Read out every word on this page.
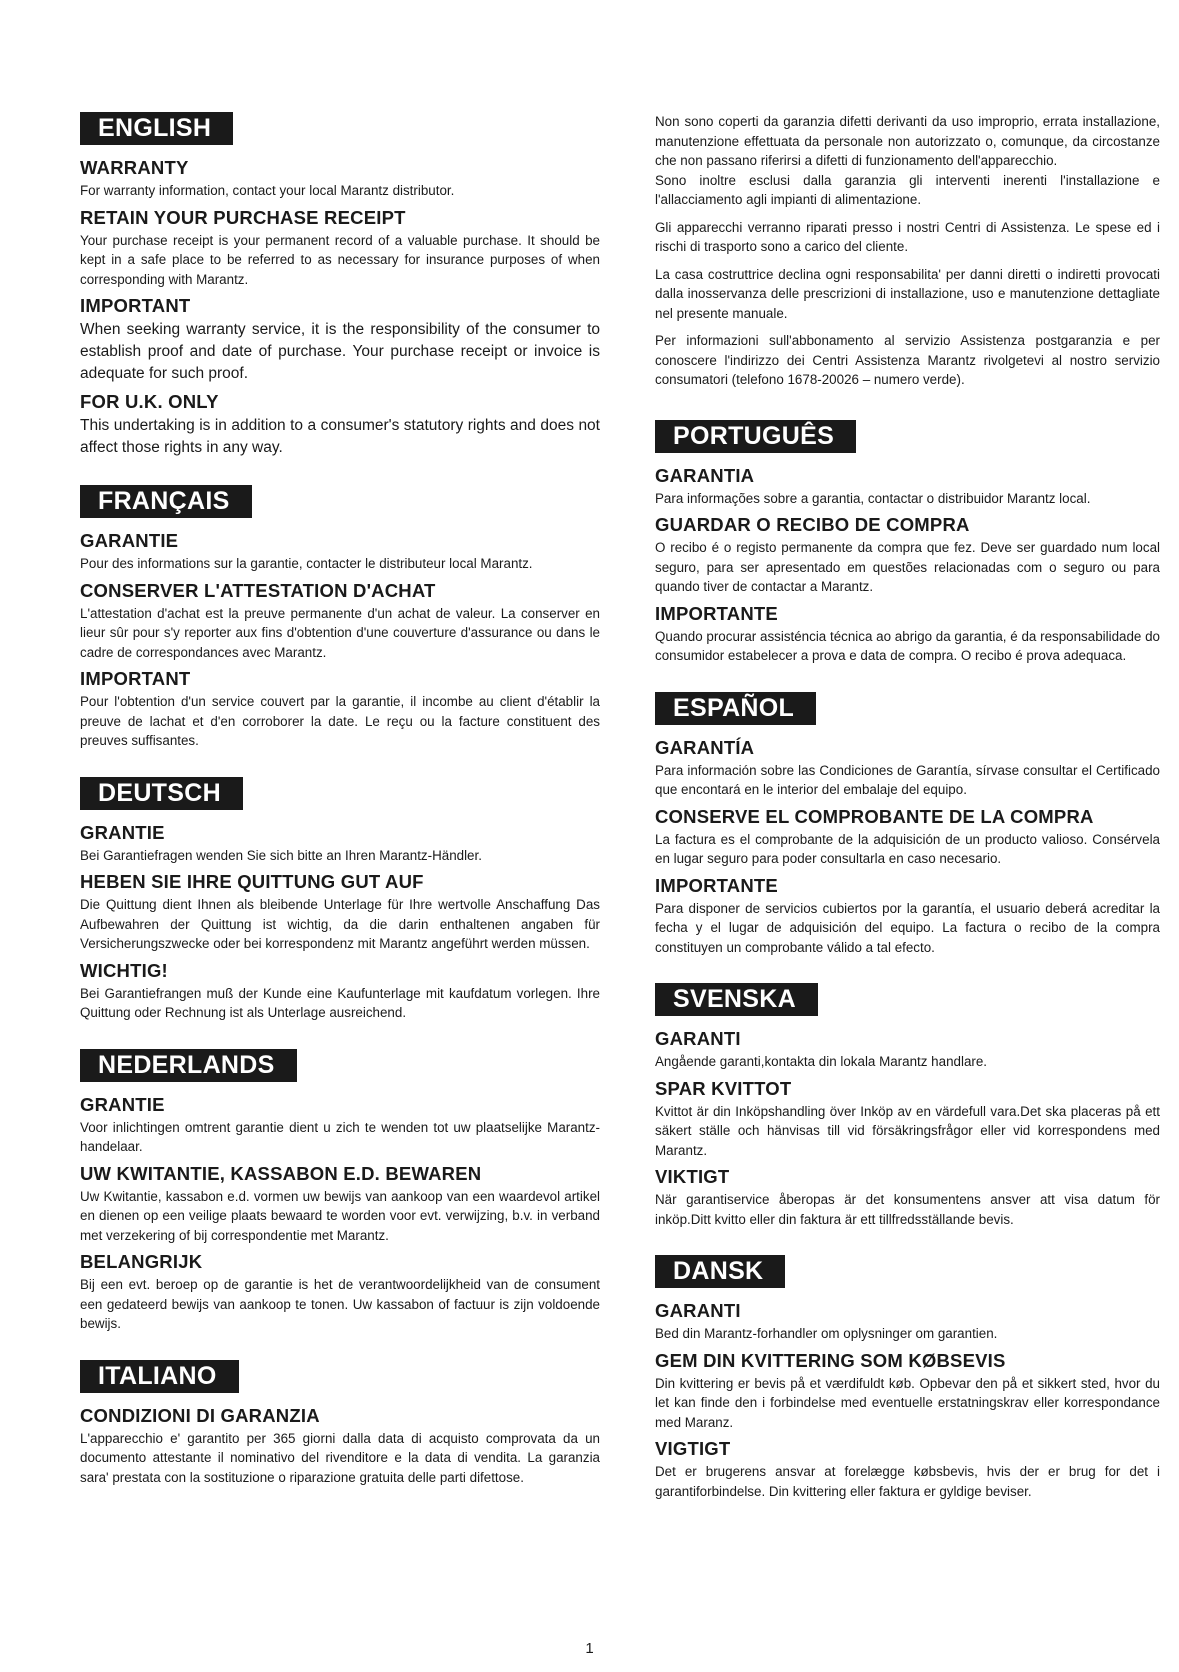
ENGLISH
WARRANTY

For warranty information, contact your local Marantz distributor.

RETAIN YOUR PURCHASE RECEIPT

Your purchase receipt is your permanent record of a valuable purchase. It should be kept in a safe place to be referred to as necessary for insurance purposes of when corresponding with Marantz.

IMPORTANT

When seeking warranty service, it is the responsibility of the consumer to establish proof and date of purchase. Your purchase receipt or invoice is adequate for such proof.

FOR U.K. ONLY

This undertaking is in addition to a consumer's statutory rights and does not affect those rights in any way.

FRANÇAIS
GARANTIE

Pour des informations sur la garantie, contacter le distributeur local Marantz.

CONSERVER L'ATTESTATION D'ACHAT

L'attestation d'achat est la preuve permanente d'un achat de valeur. La conserver en lieur sûr pour s'y reporter aux fins d'obtention d'une couverture d'assurance ou dans le cadre de correspondances avec Marantz.

IMPORTANT

Pour l'obtention d'un service couvert par la garantie, il incombe au client d'établir la preuve de lachat et d'en corroborer la date. Le reçu ou la facture constituent des preuves suffisantes.

DEUTSCH
GRANTIE

Bei Garantiefragen wenden Sie sich bitte an Ihren Marantz-Händler.

HEBEN SIE IHRE QUITTUNG GUT AUF

Die Quittung dient Ihnen als bleibende Unterlage für Ihre wertvolle Anschaffung Das Aufbewahren der Quittung ist wichtig, da die darin enthaltenen angaben für Versicherungszwecke oder bei korrespondenz mit Marantz angeführt werden müssen.

WICHTIG!

Bei Garantiefrangen muß der Kunde eine Kaufunterlage mit kaufdatum vorlegen. Ihre Quittung oder Rechnung ist als Unterlage ausreichend.

NEDERLANDS
GRANTIE

Voor inlichtingen omtrent garantie dient u zich te wenden tot uw plaatselijke Marantz-handelaar.

UW KWITANTIE, KASSABON E.D. BEWAREN

Uw Kwitantie, kassabon e.d. vormen uw bewijs van aankoop van een waardevol artikel en dienen op een veilige plaats bewaard te worden voor evt. verwijzing, b.v. in verband met verzekering of bij correspondentie met Marantz.

BELANGRIJK

Bij een evt. beroep op de garantie is het de verantwoordelijkheid van de consument een gedateerd bewijs van aankoop te tonen. Uw kassabon of factuur is zijn voldoende bewijs.

ITALIANO
CONDIZIONI DI GARANZIA

L'apparecchio e' garantito per 365 giorni dalla data di acquisto comprovata da un documento attestante il nominativo del rivenditore e la data di vendita. La garanzia sara' prestata con la sostituzione o riparazione gratuita delle parti difettose.

Non sono coperti da garanzia difetti derivanti da uso improprio, errata installazione, manutenzione effettuata da personale non autorizzato o, comunque, da circostanze che non passano riferirsi a difetti di funzionamento dell'apparecchio.

Sono inoltre esclusi dalla garanzia gli interventi inerenti l'installazione e l'allacciamento agli impianti di alimentazione.

Gli apparecchi verranno riparati presso i nostri Centri di Assistenza. Le spese ed i rischi di trasporto sono a carico del cliente.

La casa costruttrice declina ogni responsabilita' per danni diretti o indiretti provocati dalla inosservanza delle prescrizioni di installazione, uso e manutenzione dettagliate nel presente manuale.

Per informazioni sull'abbonamento al servizio Assistenza postgaranzia e per conoscere l'indirizzo dei Centri Assistenza Marantz rivolgetevi al nostro servizio consumatori (telefono 1678-20026 – numero verde).

PORTUGUÊS
GARANTIA

Para informações sobre a garantia, contactar o distribuidor Marantz local.

GUARDAR O RECIBO DE COMPRA

O recibo é o registo permanente da compra que fez. Deve ser guardado num local seguro, para ser apresentado em questões relacionadas com o seguro ou para quando tiver de contactar a Marantz.

IMPORTANTE

Quando procurar assisténcia técnica ao abrigo da garantia, é da responsabilidade do consumidor estabelecer a prova e data de compra. O recibo é prova adequaca.

ESPAÑOL
GARANTÍA

Para información sobre las Condiciones de Garantía, sírvase consultar el Certificado que encontará en le interior del embalaje del equipo.

CONSERVE EL COMPROBANTE DE LA COMPRA

La factura es el comprobante de la adquisición de un producto valioso. Consérvela en lugar seguro para poder consultarla en caso necesario.

IMPORTANTE

Para disponer de servicios cubiertos por la garantía, el usuario deberá acreditar la fecha y el lugar de adquisición del equipo. La factura o recibo de la compra constituyen un comprobante válido a tal efecto.

SVENSKA
GARANTI

Angående garanti,kontakta din lokala Marantz handlare.

SPAR KVITTOT

Kvittot är din Inköpshandling över Inköp av en värdefull vara.Det ska placeras på ett säkert ställe och hänvisas till vid försäkringsfrågor eller vid korrespondens med Marantz.

VIKTIGT

När garantiservice åberopas är det konsumentens ansver att visa datum för inköp.Ditt kvitto eller din faktura är ett tillfredsställande bevis.

DANSK
GARANTI

Bed din Marantz-forhandler om oplysninger om garantien.

GEM DIN KVITTERING SOM KØBSEVIS

Din kvittering er bevis på et værdifuldt køb. Opbevar den på et sikkert sted, hvor du let kan finde den i forbindelse med eventuelle erstatningskrav eller korrespondance med Maranz.

VIGTIGT

Det er brugerens ansvar at forelægge købsbevis, hvis der er brug for det i garantiforbindelse. Din kvittering eller faktura er gyldige beviser.

1
